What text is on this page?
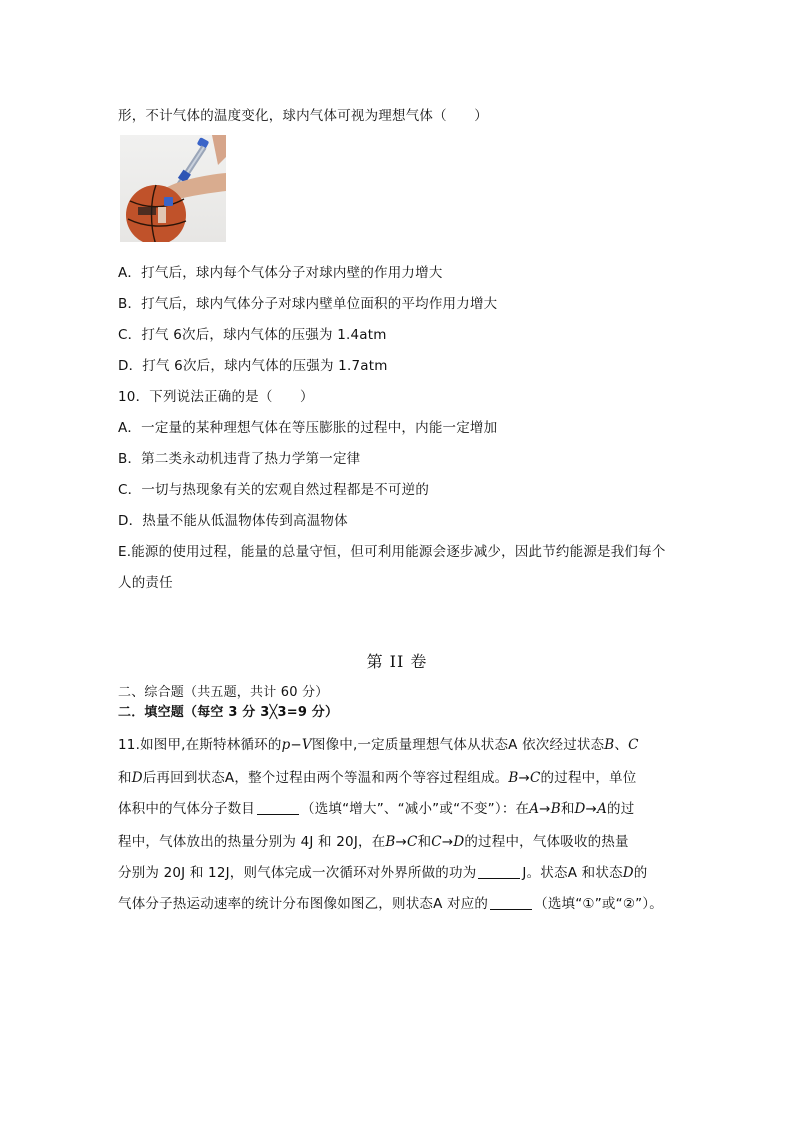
形，不计气体的温度变化，球内气体可视为理想气体（　　）
A．打气后，球内每个气体分子对球内壁的作用力增大
B．打气后，球内气体分子对球内壁单位面积的平均作用力增大
C．打气 6次后，球内气体的压强为 1.4atm
D．打气 6次后，球内气体的压强为 1.7atm
10．下列说法正确的是（　　）
A．一定量的某种理想气体在等压膨胀的过程中，内能一定增加
B．第二类永动机违背了热力学第一定律
C．一切与热现象有关的宏观自然过程都是不可逆的
D．热量不能从低温物体传到高温物体
E.能源的使用过程，能量的总量守恒，但可利用能源会逐步减少，因此节约能源是我们每个
人的责任
第 II 卷
二、综合题（共五题，共计 60 分）
二．填空题（每空 3 分 3╳3=9 分）
11.如图甲,在斯特林循环的p−V图像中,一定质量理想气体从状态A 依次经过状态B、C
和D后再回到状态A，整个过程由两个等温和两个等容过程组成。B→C的过程中，单位
体积中的气体分子数目	（选填“增大”、“减小”或“不变”）：在A→B和D→A的过
程中，气体放出的热量分别为 4J 和 20J，在B→C和C→D的过程中，气体吸收的热量
分别为 20J 和 12J，则气体完成一次循环对外界所做的功为	J。状态A 和状态D的
气体分子热运动速率的统计分布图像如图乙，则状态A 对应的	（选填“①”或“②”）。
